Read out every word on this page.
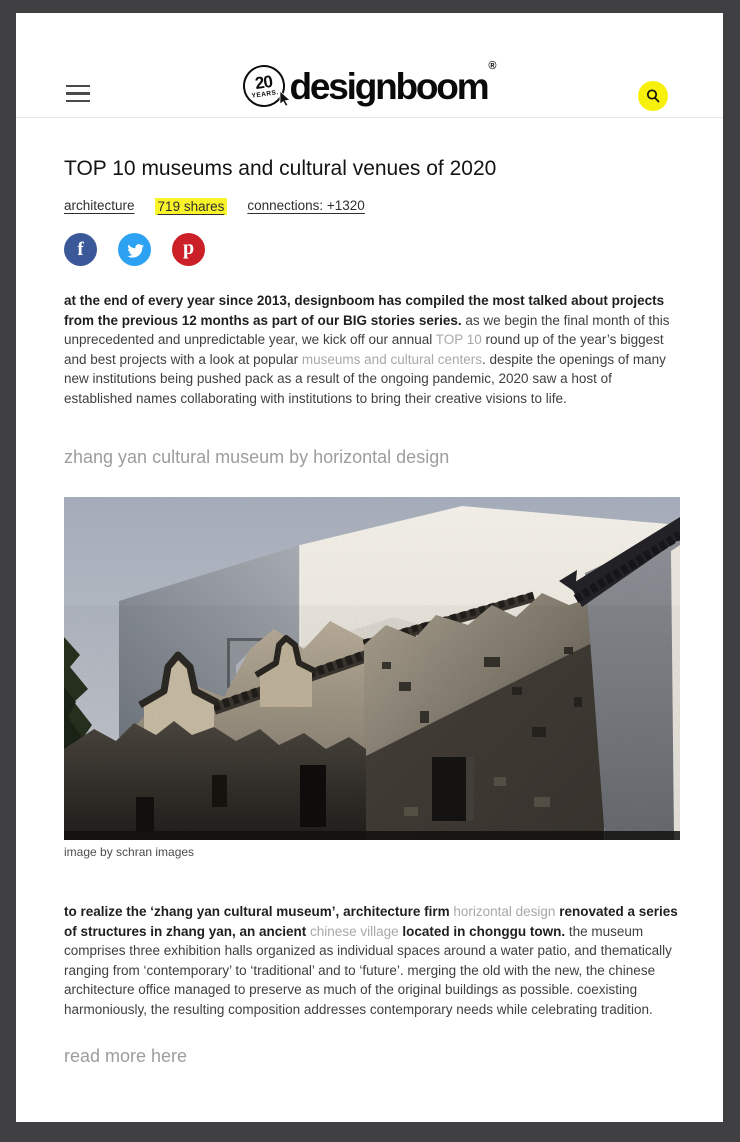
20
YEARS. designboom®
TOP 10 museums and cultural venues of 2020
architecture 719 shares connections: +1320
f	p

at the end of every year since 2013, designboom has compiled the most talked about projects from the previous 12 months as part of our BIG stories series. as we begin the final month of this unprecedented and unpredictable year, we kick off our annual TOP 10 round up of the year’s biggest and best projects with a look at popular museums and cultural centers. despite the openings of many new institutions being pushed pack as a result of the ongoing pandemic, 2020 saw a host of established names collaborating with institutions to bring their creative visions to life.

zhang yan cultural museum by horizontal design
image by schran images

to realize the ‘zhang yan cultural museum’, architecture firm horizontal design renovated a series of structures in zhang yan, an ancient chinese village located in chonggu town. the museum comprises three exhibition halls organized as individual spaces around a water patio, and thematically ranging from ‘contemporary’ to ‘traditional’ and to ‘future’. merging the old with the new, the chinese architecture office managed to preserve as much of the original buildings as possible. coexisting harmoniously, the resulting composition addresses contemporary needs while celebrating tradition.

read more here
